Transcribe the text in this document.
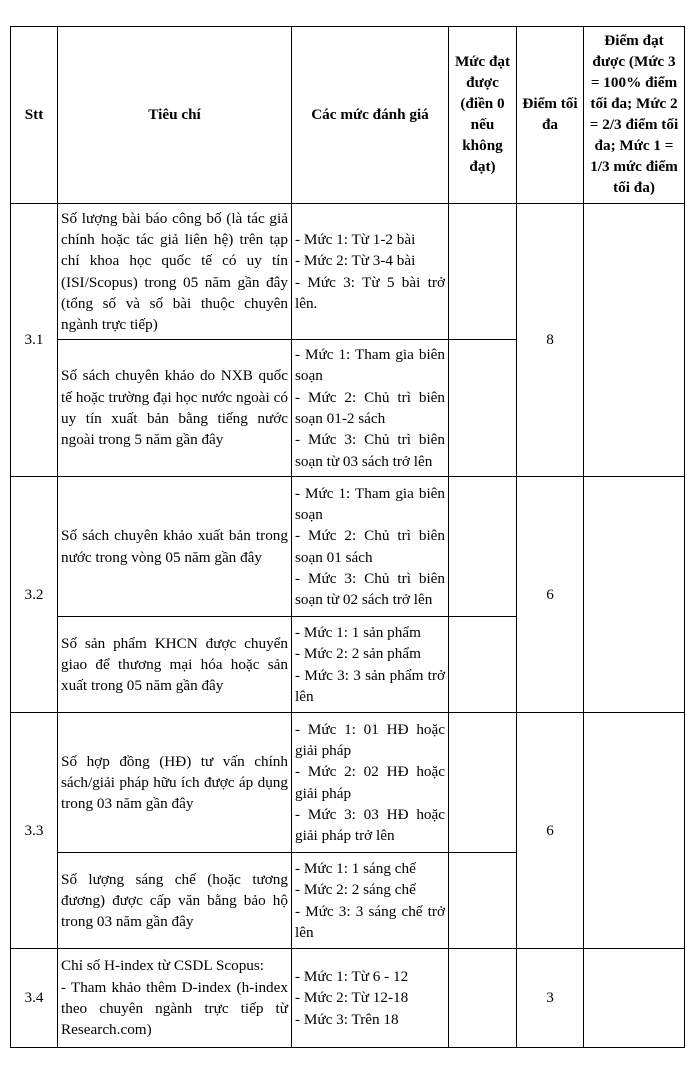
Stt	Tiêu chí	Các mức đánh giá	Mức đạt được (điền 0 nếu không đạt)	Điểm tối đa	Điểm đạt được (Mức 3 = 100% điểm tối đa; Mức 2 = 2/3 điểm tối đa; Mức 1 = 1/3 mức điểm tối đa)
3.1	Số lượng bài báo công bố (là tác giả chính hoặc tác giả liên hệ) trên tạp chí khoa học quốc tế có uy tín (ISI/Scopus) trong 05 năm gần đây (tổng số và số bài thuộc chuyên ngành trực tiếp)	- Mức 1: Từ 1-2 bài
- Mức 2: Từ 3-4 bài
- Mức 3: Từ 5 bài trở lên.		8	
	Số sách chuyên khảo do NXB quốc tế hoặc trường đại học nước ngoài có uy tín xuất bản bằng tiếng nước ngoài trong 5 năm gần đây	- Mức 1: Tham gia biên soạn
- Mức 2: Chủ trì biên soạn 01-2 sách
- Mức 3: Chủ trì biên soạn từ 03 sách trở lên			

3.2	Số sách chuyên khảo xuất bản trong nước trong vòng 05 năm gần đây	- Mức 1: Tham gia biên soạn
- Mức 2: Chủ trì biên soạn 01 sách
- Mức 3: Chủ trì biên soạn từ 02 sách trở lên		6	
	Số sản phẩm KHCN được chuyển giao để thương mại hóa hoặc sản xuất trong 05 năm gần đây	- Mức 1: 1 sản phẩm
- Mức 2: 2 sản phẩm
- Mức 3: 3 sản phẩm trở lên			

3.3	Số hợp đồng (HĐ) tư vấn chính sách/giải pháp hữu ích được áp dụng trong 03 năm gần đây	- Mức 1: 01 HĐ hoặc giải pháp
- Mức 2: 02 HĐ hoặc giải pháp
- Mức 3: 03 HĐ hoặc giải pháp trở lên		6	
	Số lượng sáng chế (hoặc tương đương) được cấp văn bằng bảo hộ trong 03 năm gần đây	- Mức 1: 1 sáng chế
- Mức 2: 2 sáng chế
- Mức 3: 3 sáng chế trở lên			

3.4	Chỉ số H-index từ CSDL Scopus:
- Tham khảo thêm D-index (h-index theo chuyên ngành trực tiếp từ Research.com)	- Mức 1: Từ 6 - 12
- Mức 2: Từ 12-18
- Mức 3: Trên 18		3	
